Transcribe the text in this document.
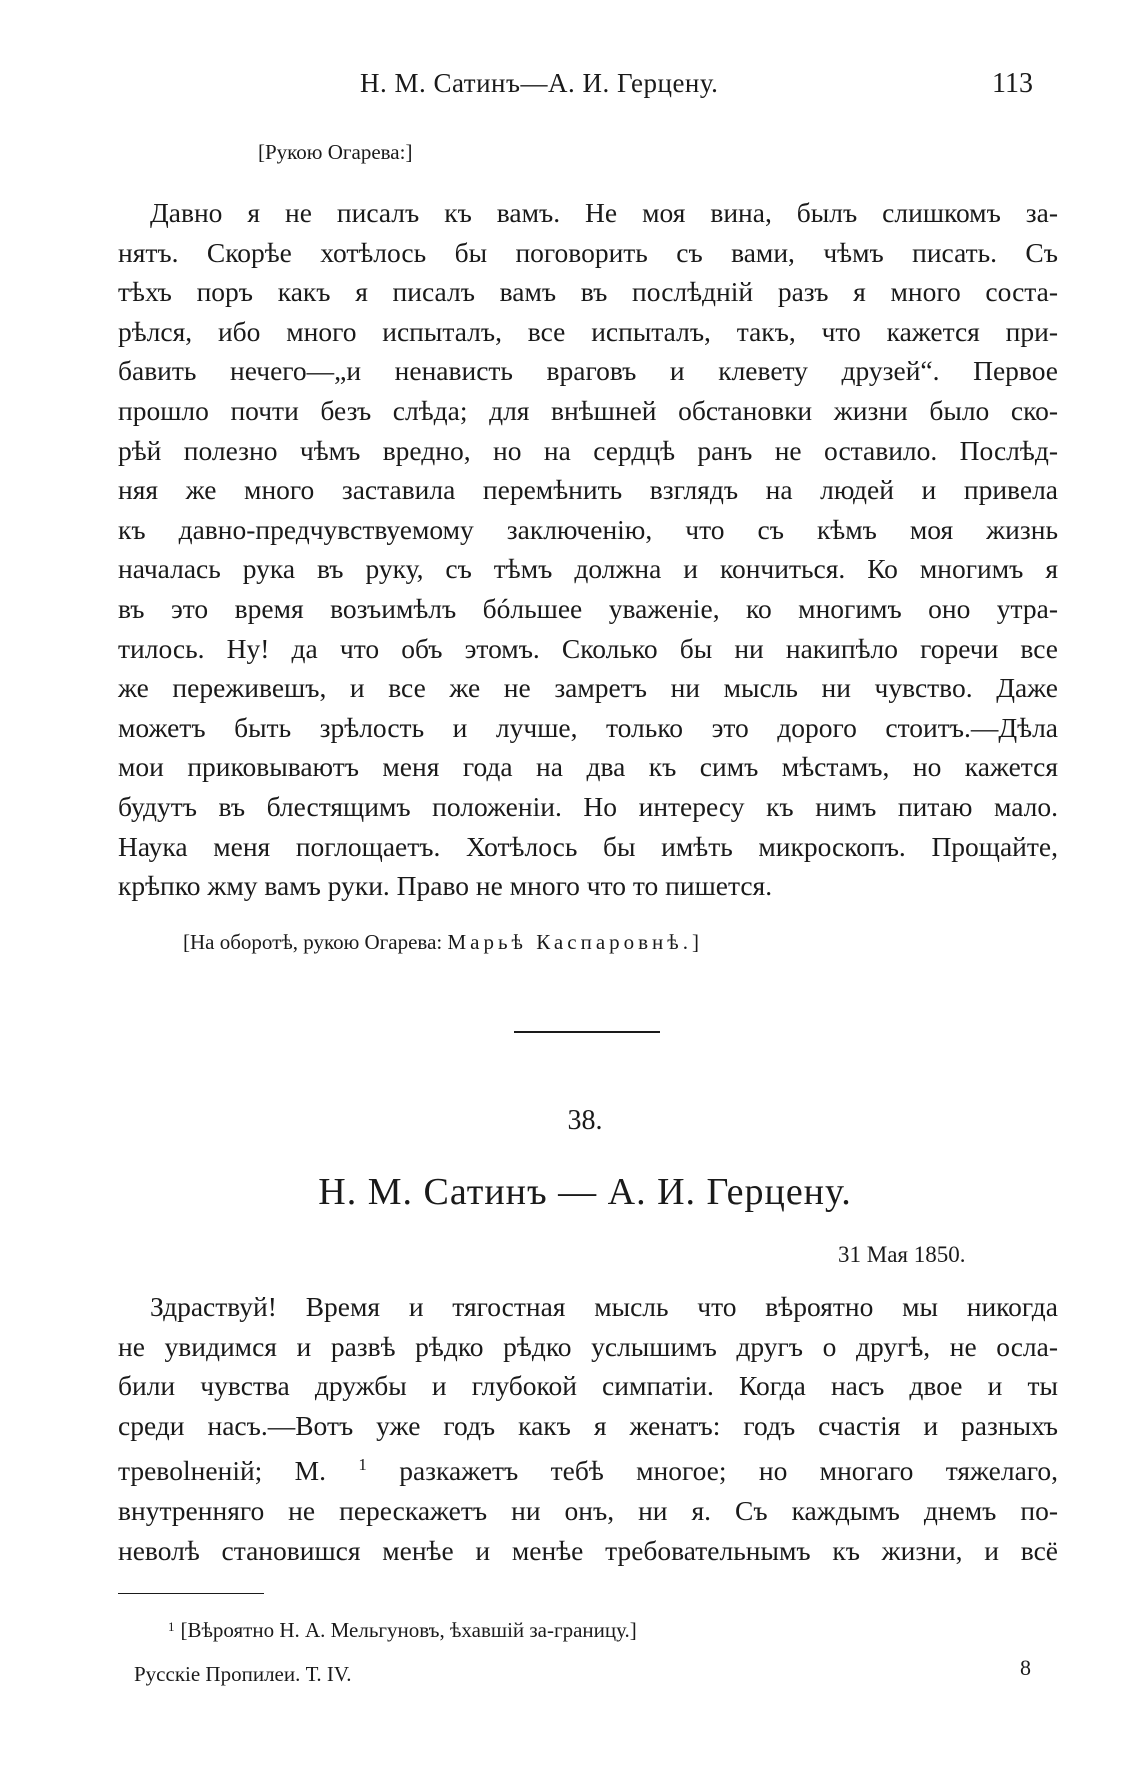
Н. М. Сатинъ—А. И. Герцену.	113
[Рукою Огарева:]

Давно я не писалъ къ вамъ. Не моя вина, былъ слишкомъ за-
нятъ. Скорѣе хотѣлось бы поговорить съ вами, чѣмъ писать. Съ
тѣхъ поръ какъ я писалъ вамъ въ послѣднiй разъ я много соста-
рѣлся, ибо много испыталъ, все испыталъ, такъ, что кажется при-
бавить нечего—„и ненависть враговъ и клевету друзей“. Первое
прошло почти безъ слѣда; для внѣшней обстановки жизни было ско-
рѣй полезно чѣмъ вредно, но на сердцѣ ранъ не оставило. Послѣд-
няя же много заставила перемѣнить взглядъ на людей и привела
къ давно-предчувствуемому заключенiю, что съ кѣмъ моя жизнь
началась рука въ руку, съ тѣмъ должна и кончиться. Ко многимъ я
въ это время возъимѣлъ бóльшее уваженiе, ко многимъ оно утра-
тилось. Ну! да что объ этомъ. Сколько бы ни накипѣло горечи все
же переживешъ, и все же не замретъ ни мысль ни чувство. Даже
можетъ быть зрѣлость и лучше, только это дорого стоитъ.—Дѣла
мои приковываютъ меня года на два къ симъ мѣстамъ, но кажется
будутъ въ блестящимъ положенiи. Но интересу къ нимъ питаю мало.
Наука меня поглощаетъ. Хотѣлось бы имѣть микроскопъ. Прощайте,
крѣпко жму вамъ руки. Право не много что то пишется.

[На оборотѣ, рукою Огарева: Марьѣ Каспаровнѣ.]
38.
Н. М. Сатинъ — А. И. Герцену.
31 Мая 1850.

Здраствуй! Время и тягостная мысль что вѣроятно мы никогда
не увидимся и развѣ рѣдко рѣдко услышимъ другъ о другѣ, не осла-
били чувства дружбы и глубокой симпатiи. Когда насъ двое и ты
среди насъ.—Вотъ уже годъ какъ я женатъ: годъ счастiя и разныхъ
тревolненiй; М. $^1$ разкажетъ тебѣ многое; но многаго тяжелаго,
внутренняго не перескажетъ ни онъ, ни я. Съ каждымъ днемъ по-
неволѣ становишся менѣе и менѣе требовательнымъ къ жизни, и всё

$^1$ [Вѣроятно Н. А. Мельгуновъ, ѣхавшiй за-границу.]
Русскiе Пропилеи. Т. IV.	8
